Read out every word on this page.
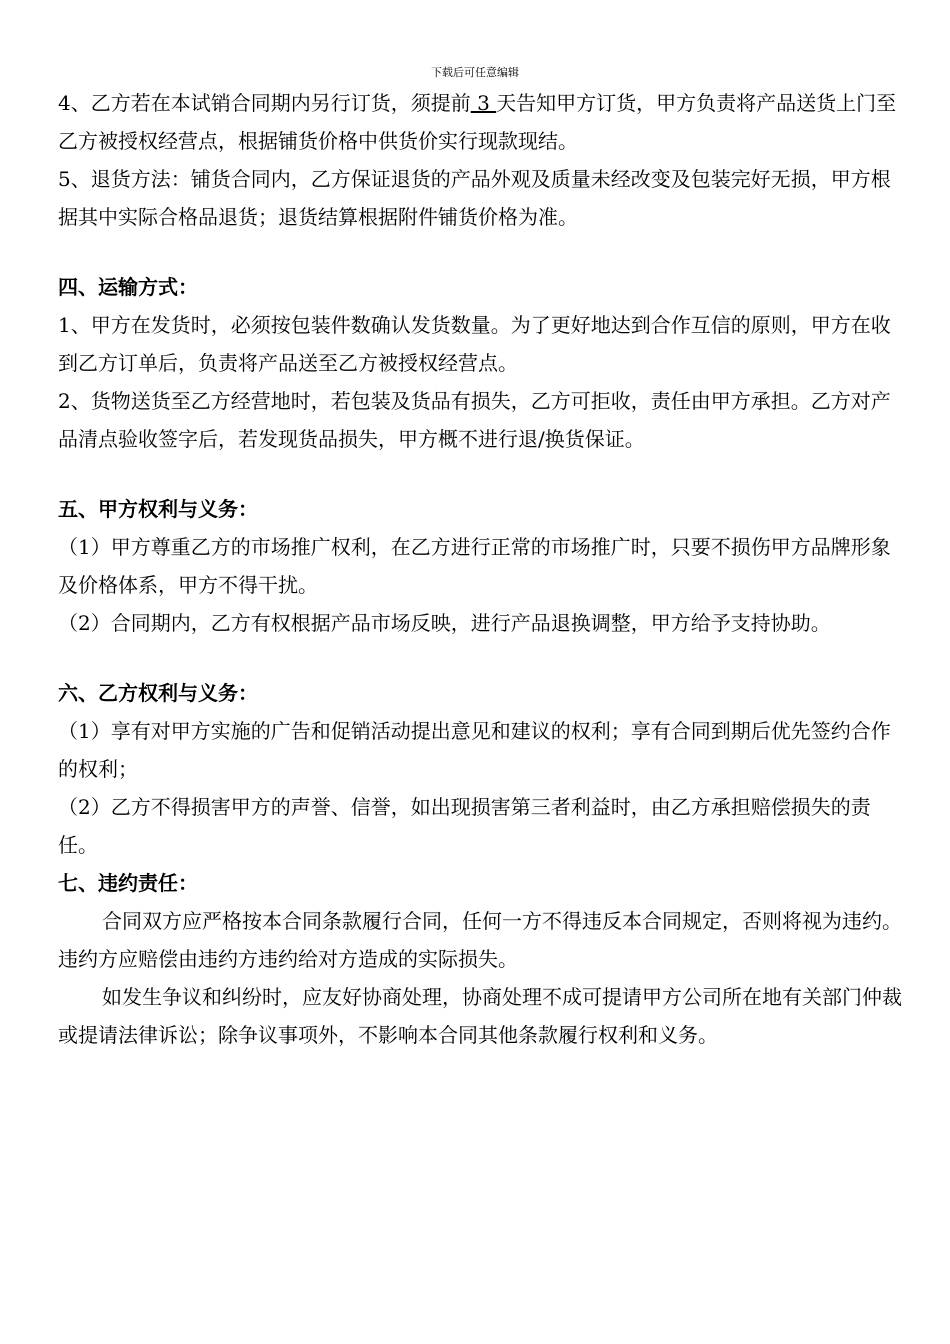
下载后可任意编辑

4、乙方若在本试销合同期内另行订货，须提前 3 天告知甲方订货，甲方负责将产品送货上门至乙方被授权经营点，根据铺货价格中供货价实行现款现结。

5、退货方法：铺货合同内，乙方保证退货的产品外观及质量未经改变及包装完好无损，甲方根据其中实际合格品退货；退货结算根据附件铺货价格为准。

四、运输方式：

1、甲方在发货时，必须按包装件数确认发货数量。为了更好地达到合作互信的原则，甲方在收到乙方订单后，负责将产品送至乙方被授权经营点。

2、货物送货至乙方经营地时，若包装及货品有损失，乙方可拒收，责任由甲方承担。乙方对产品清点验收签字后，若发现货品损失，甲方概不进行退/换货保证。

五、甲方权利与义务：

（1）甲方尊重乙方的市场推广权利，在乙方进行正常的市场推广时，只要不损伤甲方品牌形象及价格体系，甲方不得干扰。

（2）合同期内，乙方有权根据产品市场反映，进行产品退换调整，甲方给予支持协助。

六、乙方权利与义务：

（1）享有对甲方实施的广告和促销活动提出意见和建议的权利；享有合同到期后优先签约合作的权利；

（2）乙方不得损害甲方的声誉、信誉，如出现损害第三者利益时，由乙方承担赔偿损失的责任。

七、违约责任：

合同双方应严格按本合同条款履行合同，任何一方不得违反本合同规定，否则将视为违约。违约方应赔偿由违约方违约给对方造成的实际损失。

如发生争议和纠纷时，应友好协商处理，协商处理不成可提请甲方公司所在地有关部门仲裁或提请法律诉讼；除争议事项外，不影响本合同其他条款履行权利和义务。
